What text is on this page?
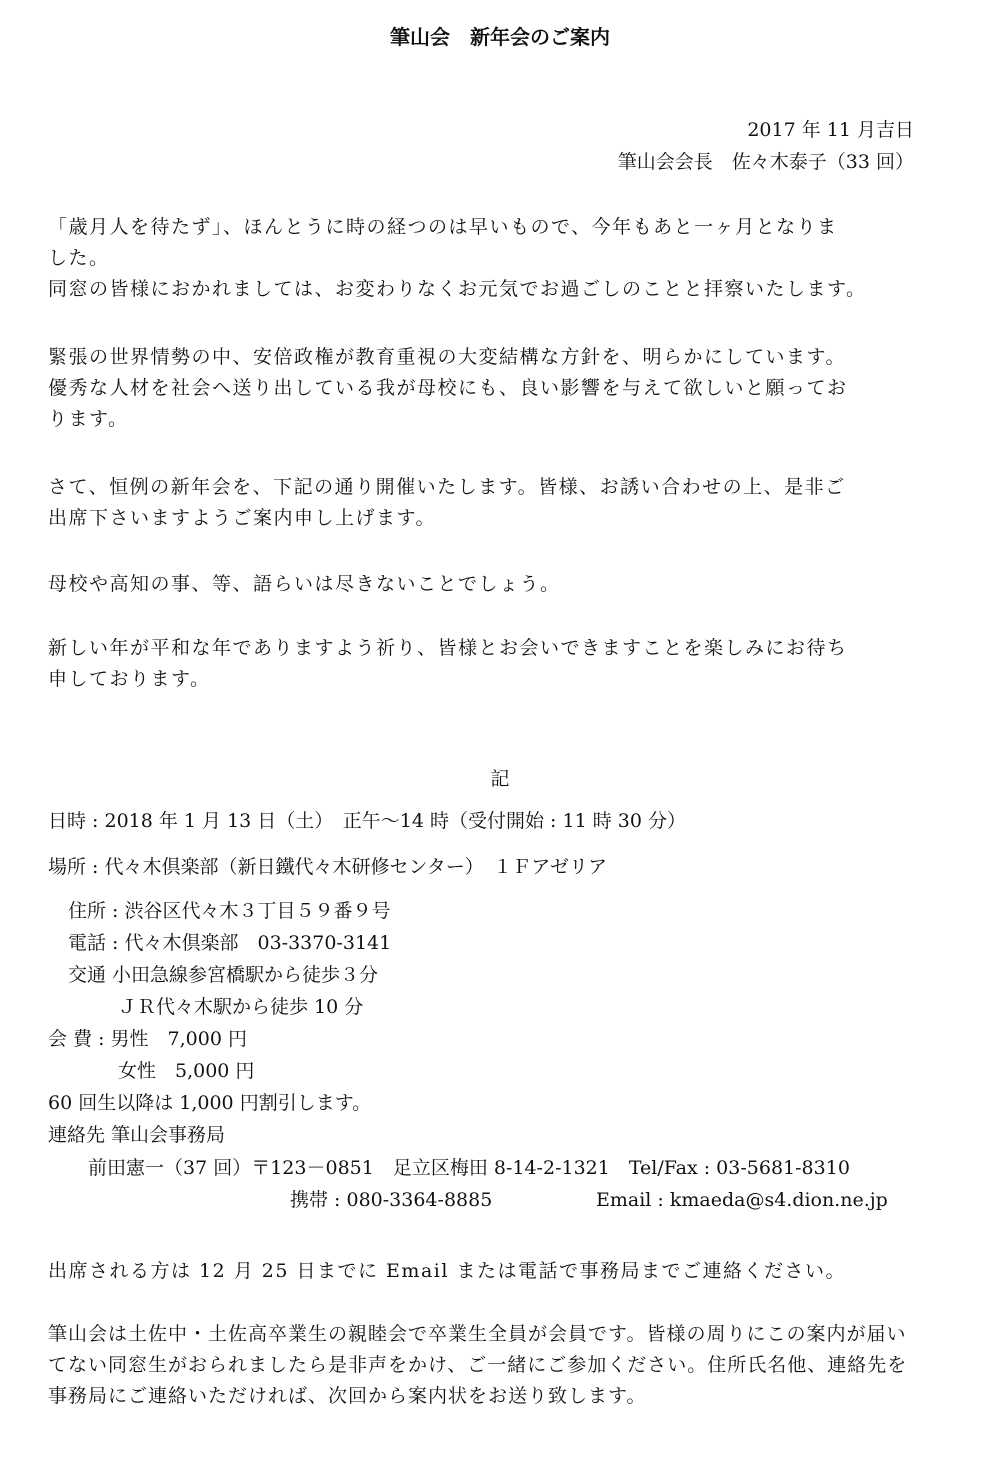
筆山会　新年会のご案内
2017 年 11 月吉日
筆山会会長　佐々木泰子（33 回）
「歳月人を待たず」、ほんとうに時の経つのは早いもので、今年もあと一ヶ月となりま
した。
同窓の皆様におかれましては、お変わりなくお元気でお過ごしのことと拝察いたします。
緊張の世界情勢の中、安倍政権が教育重視の大変結構な方針を、明らかにしています。
優秀な人材を社会へ送り出している我が母校にも、良い影響を与えて欲しいと願ってお
ります。
さて、恒例の新年会を、下記の通り開催いたします。皆様、お誘い合わせの上、是非ご
出席下さいますようご案内申し上げます。
母校や高知の事、等、語らいは尽きないことでしょう。
新しい年が平和な年でありますよう祈り、皆様とお会いできますことを楽しみにお待ち
申しております。
記
日時 : 2018 年 1 月 13 日（土）　正午～14 時（受付開始 : 11 時 30 分）
場所 : 代々木倶楽部（新日鐵代々木研修センター）　１Ｆアゼリア
住所 : 渋谷区代々木３丁目５９番９号
電話 : 代々木倶楽部　03-3370-3141
交通 小田急線参宮橋駅から徒歩３分
ＪＲ代々木駅から徒歩 10 分
会 費 : 男性　7,000 円
女性　5,000 円
60 回生以降は 1,000 円割引します。
連絡先 筆山会事務局
前田憲一（37 回）〒123－0851　足立区梅田 8-14-2-1321　Tel/Fax : 03-5681-8310
携帯 : 080-3364-8885	Email : kmaeda@s4.dion.ne.jp
出席される方は 12 月 25 日までに Email または電話で事務局までご連絡ください。
筆山会は土佐中・土佐高卒業生の親睦会で卒業生全員が会員です。皆様の周りにこの案内が届い
てない同窓生がおられましたら是非声をかけ、ご一緒にご参加ください。住所氏名他、連絡先を
事務局にご連絡いただければ、次回から案内状をお送り致します。
